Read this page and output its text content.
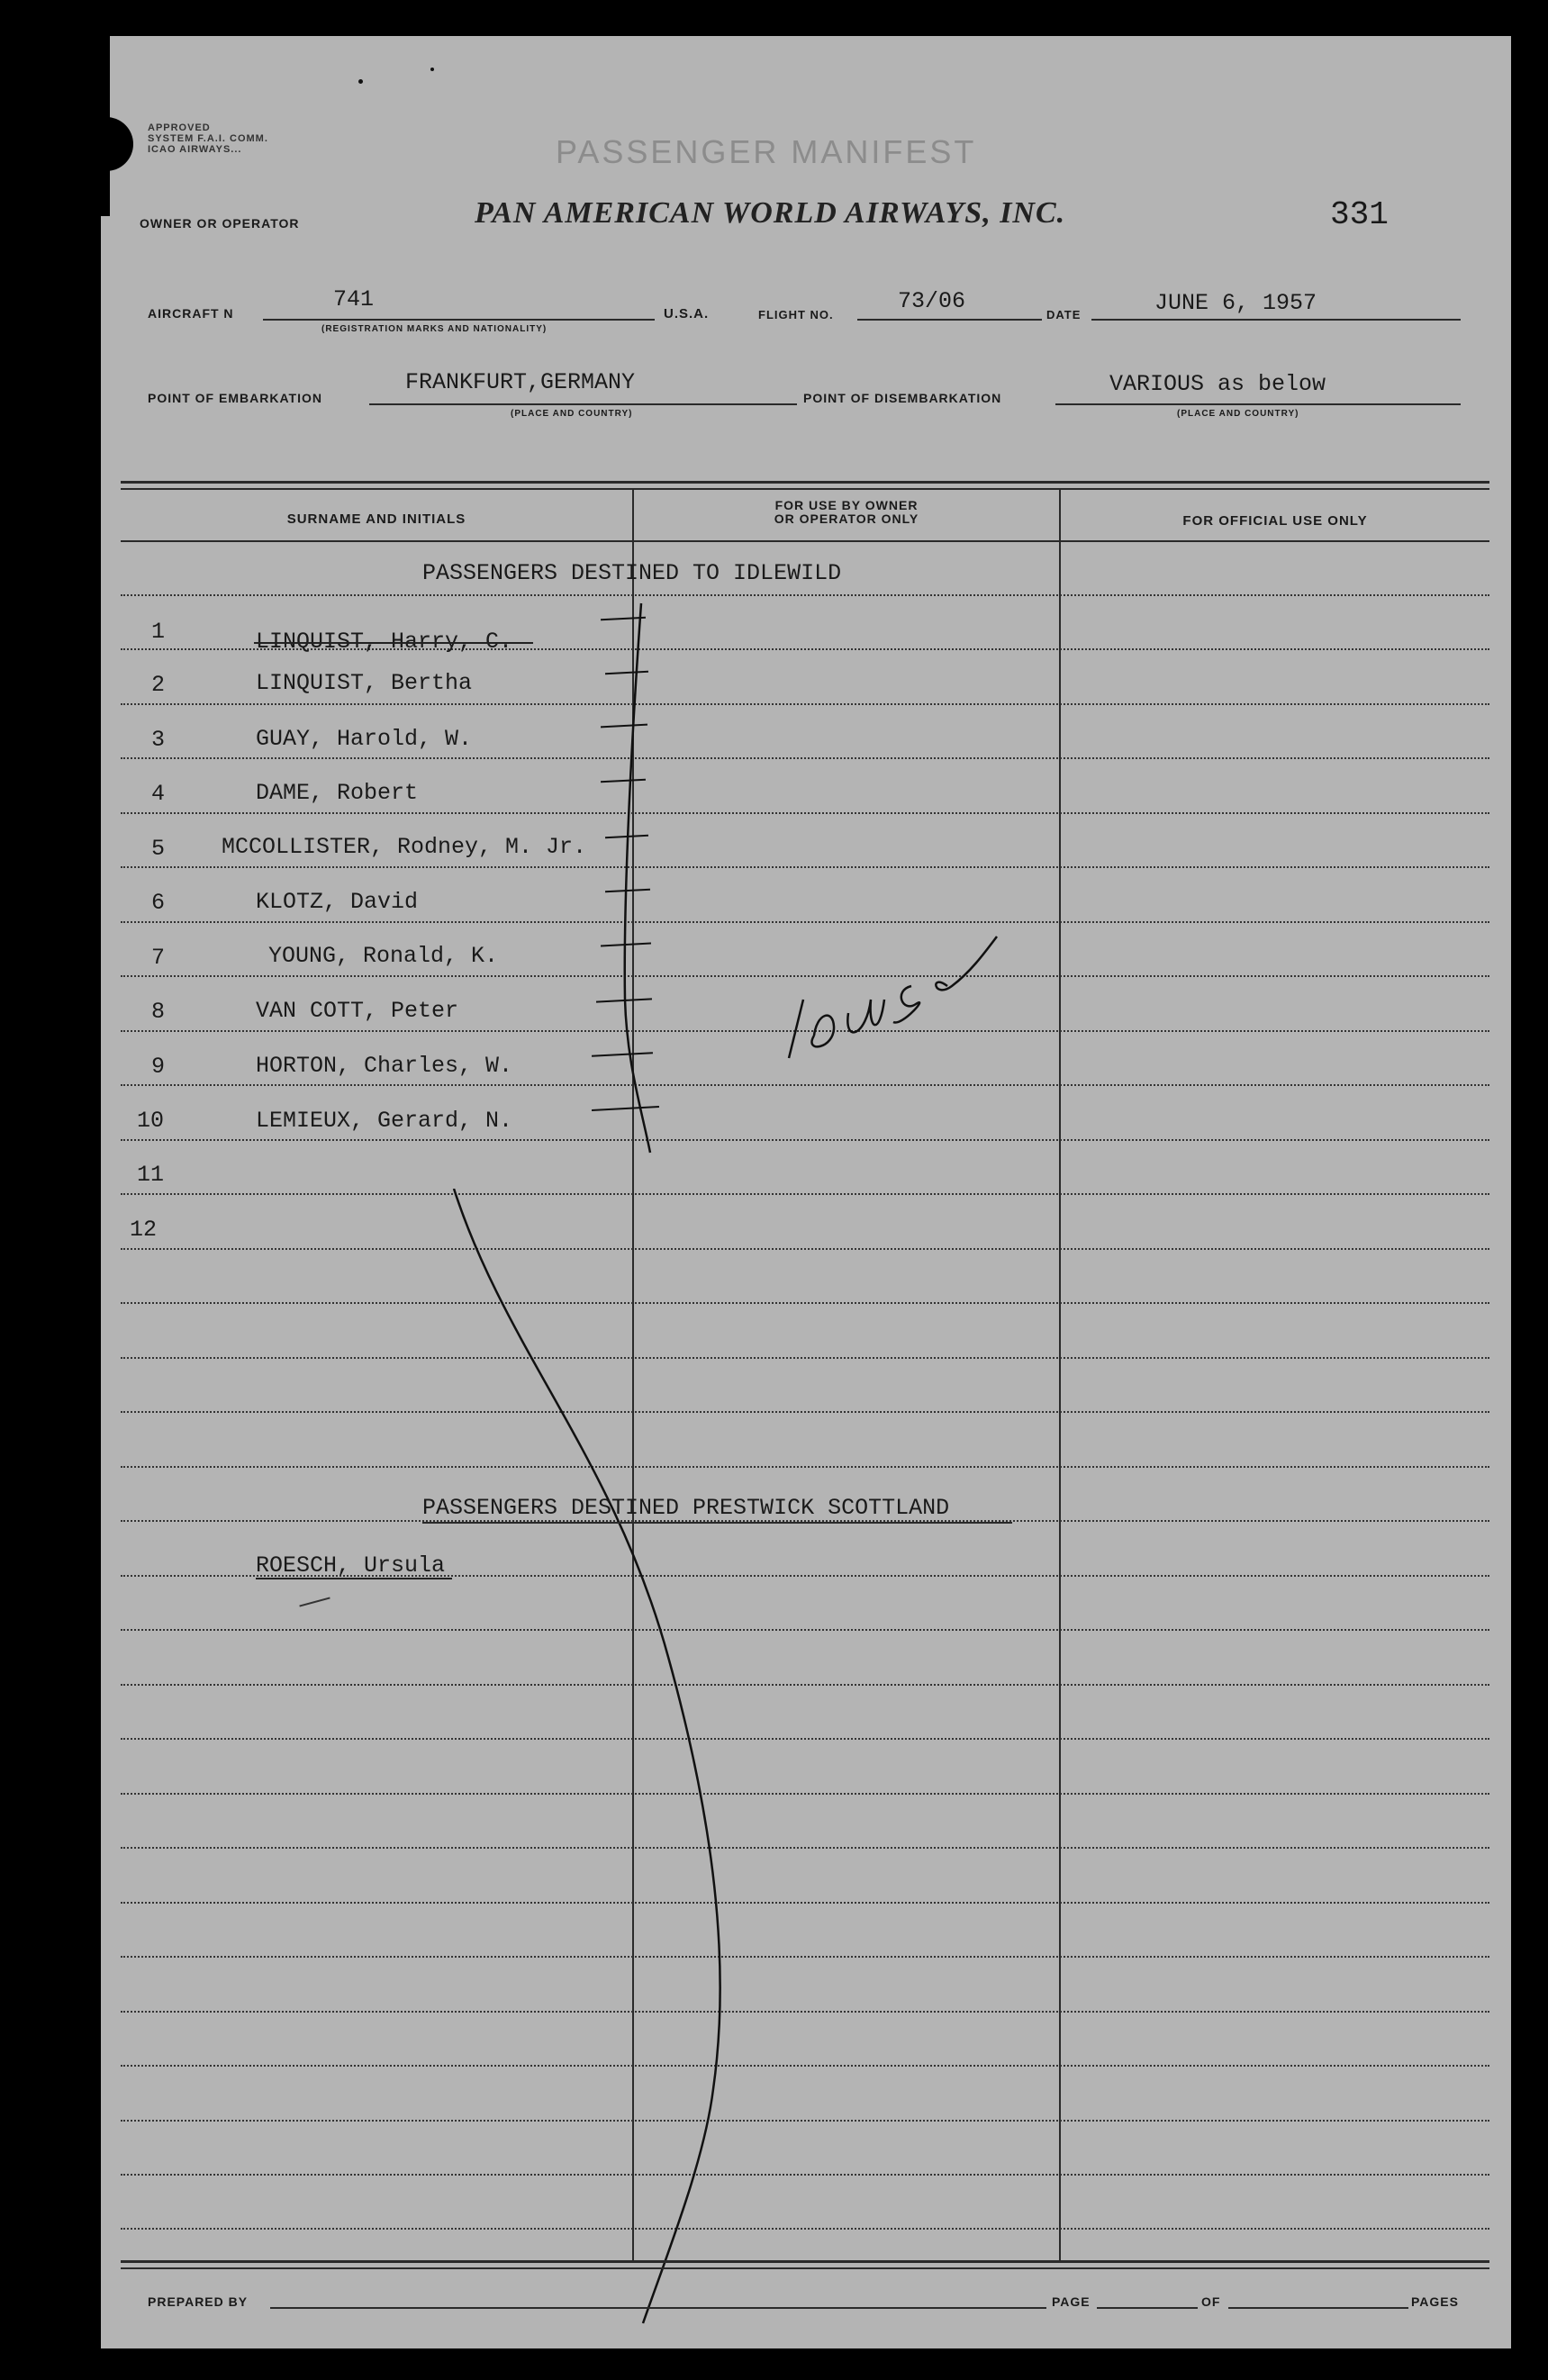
APPROVED
SYSTEM F.A.I. COMM.
ICAO AIRWAYS...	PASSENGER MANIFEST
OWNER OR OPERATOR	PAN AMERICAN WORLD AIRWAYS, INC.	331
AIRCRAFT N
741
(REGISTRATION MARKS AND NATIONALITY)
U.S.A.	FLIGHT NO.
73/06
DATE	JUNE 6, 1957
POINT OF EMBARKATION
FRANKFURT,GERMANY
(PLACE AND COUNTRY)
POINT OF DISEMBARKATION
VARIOUS as below
(PLACE AND COUNTRY)
SURNAME AND INITIALS
FOR USE BY OWNER
OR OPERATOR ONLY	FOR OFFICIAL USE ONLY
PASSENGERS DESTINED TO IDLEWILD
1	LINQUIST, Harry, C.
2	LINQUIST, Bertha
3	GUAY, Harold, W.
4	DAME, Robert
5	MCCOLLISTER, Rodney, M. Jr.
6	KLOTZ, David
7	YOUNG, Ronald, K.
8	VAN COTT, Peter
9	HORTON, Charles, W.
10	LEMIEUX, Gerard, N.
11
12
PASSENGERS DESTINED PRESTWICK SCOTTLAND
ROESCH, Ursula
PREPARED BY	PAGE	OF	PAGES
